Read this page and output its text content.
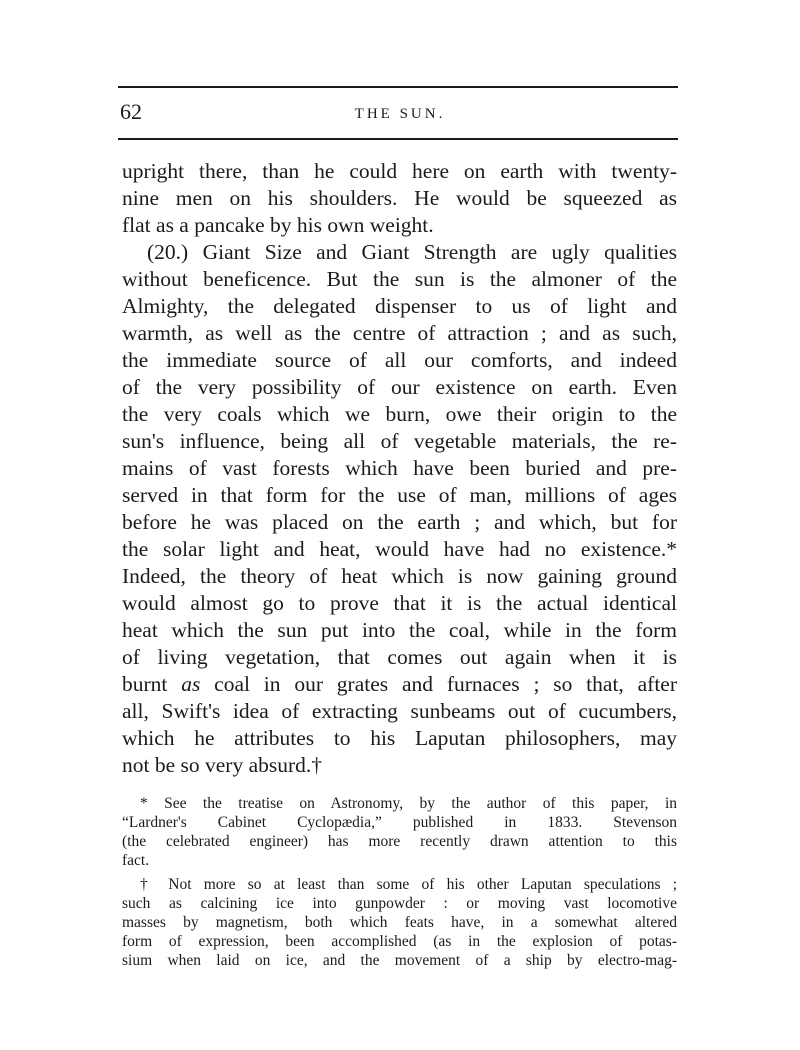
62	THE SUN.
upright there, than he could here on earth with twenty-
nine men on his shoulders. He would be squeezed as
flat as a pancake by his own weight.
(20.) Giant Size and Giant Strength are ugly qualities
without beneficence. But the sun is the almoner of the
Almighty, the delegated dispenser to us of light and
warmth, as well as the centre of attraction ; and as such,
the immediate source of all our comforts, and indeed
of the very possibility of our existence on earth. Even
the very coals which we burn, owe their origin to the
sun's influence, being all of vegetable materials, the re-
mains of vast forests which have been buried and pre-
served in that form for the use of man, millions of ages
before he was placed on the earth ; and which, but for
the solar light and heat, would have had no existence.*
Indeed, the theory of heat which is now gaining ground
would almost go to prove that it is the actual identical
heat which the sun put into the coal, while in the form
of living vegetation, that comes out again when it is
burnt as coal in our grates and furnaces ; so that, after
all, Swift's idea of extracting sunbeams out of cucumbers,
which he attributes to his Laputan philosophers, may
not be so very absurd.†
* See the treatise on Astronomy, by the author of this paper, in
“Lardner's Cabinet Cyclopædia,” published in 1833. Stevenson
(the celebrated engineer) has more recently drawn attention to this
fact.
† Not more so at least than some of his other Laputan speculations ;
such as calcining ice into gunpowder : or moving vast locomotive
masses by magnetism, both which feats have, in a somewhat altered
form of expression, been accomplished (as in the explosion of potas-
sium when laid on ice, and the movement of a ship by electro-mag-
